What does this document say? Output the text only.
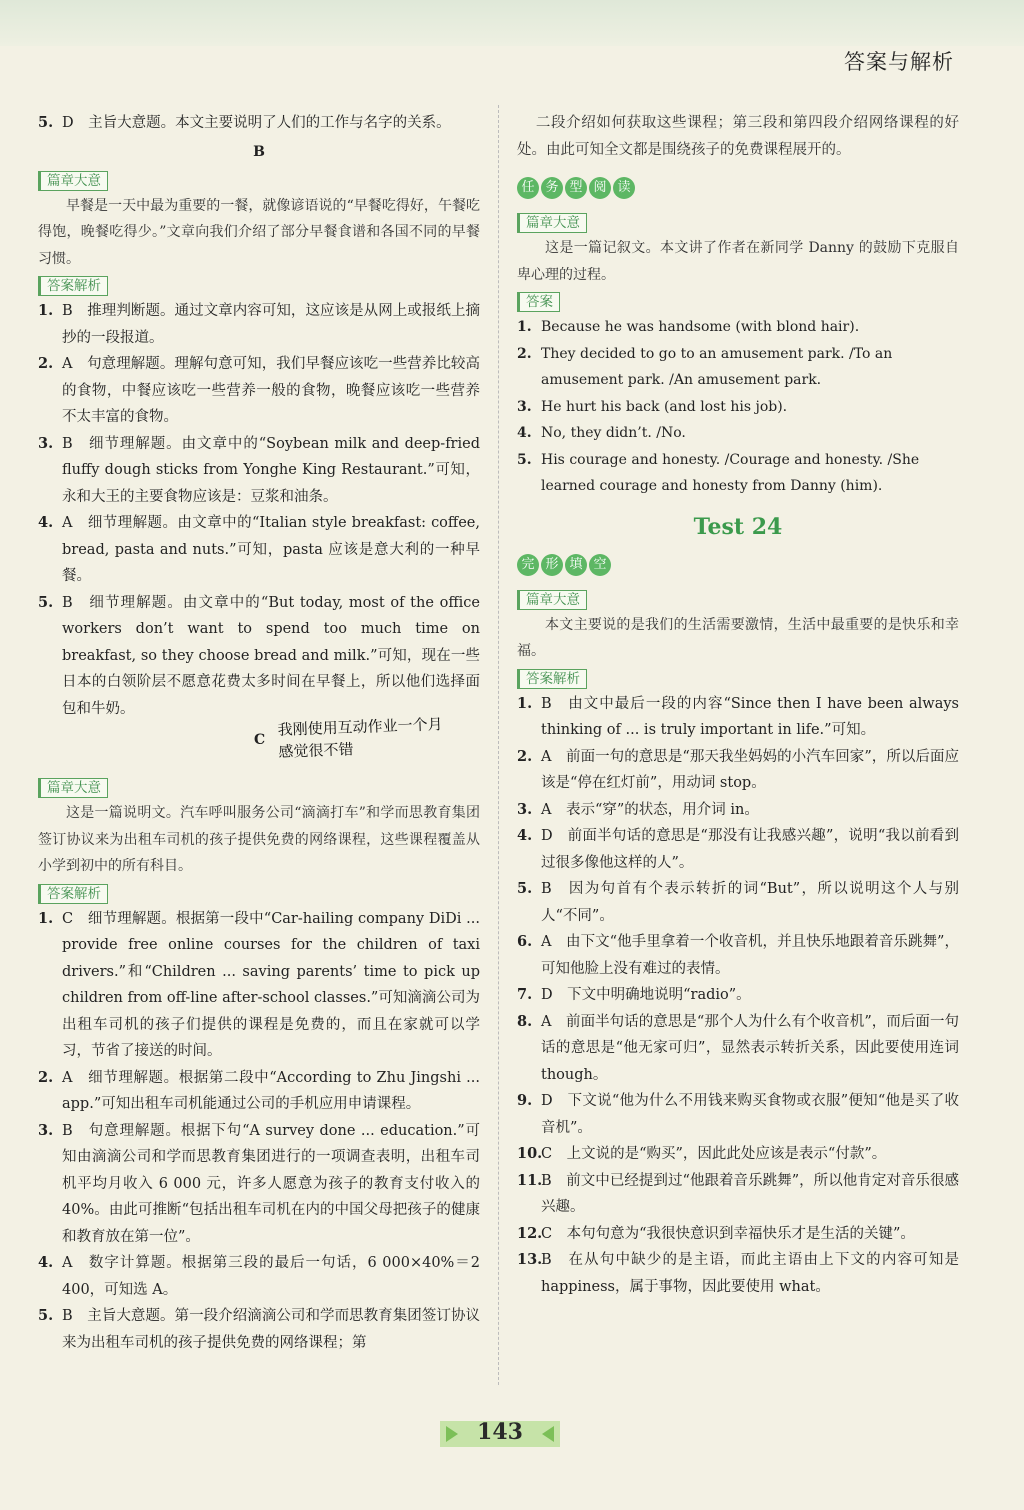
答案与解析
5. D　主旨大意题。本文主要说明了人们的工作与名字的关系。
B
篇章大意

早餐是一天中最为重要的一餐，就像谚语说的“早餐吃得好，午餐吃得饱，晚餐吃得少。”文章向我们介绍了部分早餐食谱和各国不同的早餐习惯。

答案解析
1. B　推理判断题。通过文章内容可知，这应该是从网上或报纸上摘抄的一段报道。
2. A　句意理解题。理解句意可知，我们早餐应该吃一些营养比较高的食物，中餐应该吃一些营养一般的食物，晚餐应该吃一些营养不太丰富的食物。
3. B　细节理解题。由文章中的“Soybean milk and deep-fried fluffy dough sticks from Yonghe King Restaurant.”可知，永和大王的主要食物应该是：豆浆和油条。
4. A　细节理解题。由文章中的“Italian style breakfast: coffee, bread, pasta and nuts.”可知，pasta 应该是意大利的一种早餐。
5. B　细节理解题。由文章中的“But today, most of the office workers don’t want to spend too much time on breakfast, so they choose bread and milk.”可知，现在一些日本的白领阶层不愿意花费太多时间在早餐上，所以他们选择面包和牛奶。
C
我刚使用互动作业一个月
感觉很不错
篇章大意

这是一篇说明文。汽车呼叫服务公司“滴滴打车”和学而思教育集团签订协议来为出租车司机的孩子提供免费的网络课程，这些课程覆盖从小学到初中的所有科目。

答案解析
1. C　细节理解题。根据第一段中“Car-hailing company DiDi ... provide free online courses for the children of taxi drivers.”和“Children ... saving parents’ time to pick up children from off-line after-school classes.”可知滴滴公司为出租车司机的孩子们提供的课程是免费的，而且在家就可以学习，节省了接送的时间。
2. A　细节理解题。根据第二段中“According to Zhu Jingshi ... app.”可知出租车司机能通过公司的手机应用申请课程。
3. B　句意理解题。根据下句“A survey done ... education.”可知由滴滴公司和学而思教育集团进行的一项调查表明，出租车司机平均月收入 6 000 元，许多人愿意为孩子的教育支付收入的 40%。由此可推断“包括出租车司机在内的中国父母把孩子的健康和教育放在第一位”。
4. A　数字计算题。根据第三段的最后一句话，6 000×40%＝2 400，可知选 A。
5. B　主旨大意题。第一段介绍滴滴公司和学而思教育集团签订协议来为出租车司机的孩子提供免费的网络课程；第

二段介绍如何获取这些课程；第三段和第四段介绍网络课程的好处。由此可知全文都是围绕孩子的免费课程展开的。

任 务 型 阅 读
篇章大意

这是一篇记叙文。本文讲了作者在新同学 Danny 的鼓励下克服自卑心理的过程。

答案
1. Because he was handsome (with blond hair).
2. They decided to go to an amusement park. /To an amusement park. /An amusement park.
3. He hurt his back (and lost his job).
4. No, they didn’t. /No.
5. His courage and honesty. /Courage and honesty. /She learned courage and honesty from Danny (him).
Test 24
完 形 填 空
篇章大意

本文主要说的是我们的生活需要激情，生活中最重要的是快乐和幸福。

答案解析
1. B　由文中最后一段的内容“Since then I have been always thinking of ... is truly important in life.”可知。
2. A　前面一句的意思是“那天我坐妈妈的小汽车回家”，所以后面应该是“停在红灯前”，用动词 stop。
3. A　表示“穿”的状态，用介词 in。
4. D　前面半句话的意思是“那没有让我感兴趣”，说明“我以前看到过很多像他这样的人”。
5. B　因为句首有个表示转折的词“But”，所以说明这个人与别人“不同”。
6. A　由下文“他手里拿着一个收音机，并且快乐地跟着音乐跳舞”，可知他脸上没有难过的表情。
7. D　下文中明确地说明“radio”。
8. A　前面半句话的意思是“那个人为什么有个收音机”，而后面一句话的意思是“他无家可归”，显然表示转折关系，因此要使用连词 though。
9. D　下文说“他为什么不用钱来购买食物或衣服”便知“他是买了收音机”。
10.
C　上文说的是“购买”，因此此处应该是表示“付款”。
11.
B　前文中已经提到过“他跟着音乐跳舞”，所以他肯定对音乐很感兴趣。
12.
C　本句句意为“我很快意识到幸福快乐才是生活的关键”。
13.
B　在从句中缺少的是主语，而此主语由上下文的内容可知是 happiness，属于事物，因此要使用 what。
143
